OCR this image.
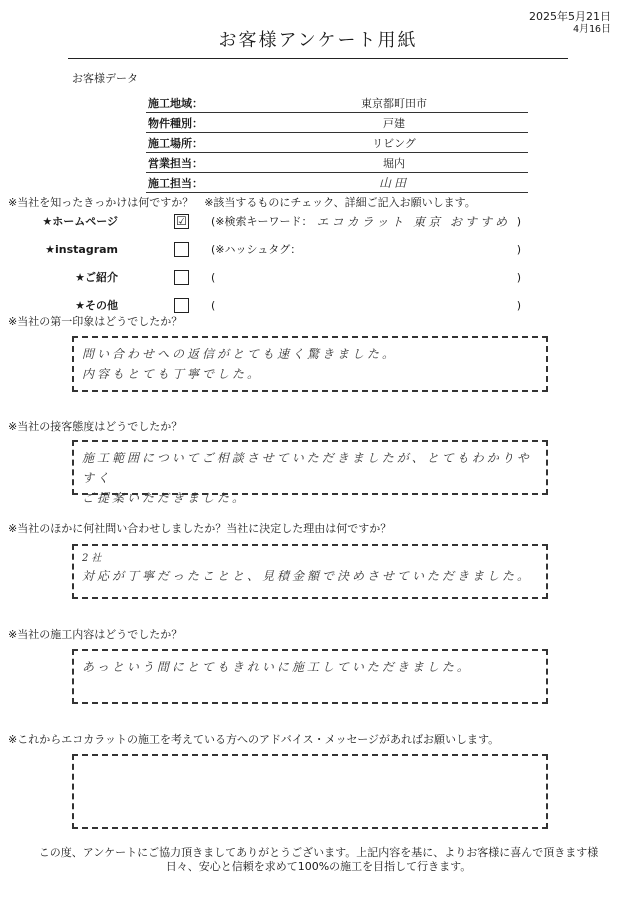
2025年5月21日
4月16日
お客様アンケート用紙
お客様データ
施工地域：	東京都町田市
物件種別：	戸建
施工場所：	リビング
営業担当：	堀内
施工担当：	山田
※当社を知ったきっかけは何ですか？　※該当するものにチェック、詳細ご記入お願いします。
★ホームページ	☑ (※検索キーワード： エコカラット 東京 おすすめ )
★instagram	(※ハッシュタグ：	)
★ご紹介	(	)
★その他	(	)
※当社の第一印象はどうでしたか？
問い合わせへの返信がとても速く驚きました。
内容もとても丁寧でした。
※当社の接客態度はどうでしたか？
施工範囲についてご相談させていただきましたが、とてもわかりやすく
ご提案いただきました。
※当社のほかに何社問い合わせしましたか？当社に決定した理由は何ですか？
2社
対応が丁寧だったことと、見積金額で決めさせていただきました。
※当社の施工内容はどうでしたか？
あっという間にとてもきれいに施工していただきました。
※これからエコカラットの施工を考えている方へのアドバイス・メッセージがあればお願いします。
この度、アンケートにご協力頂きましてありがとうございます。上記内容を基に、よりお客様に喜んで頂きます様
日々、安心と信頼を求めて100%の施工を目指して行きます。
